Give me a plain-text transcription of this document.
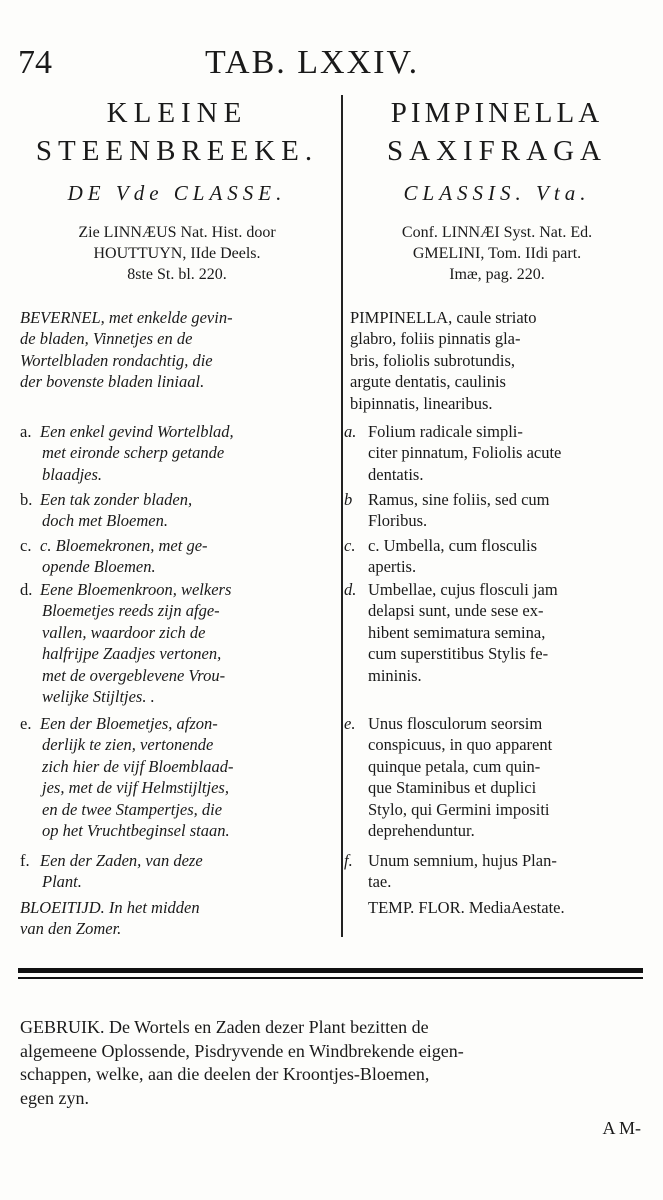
74	TAB. LXXIV.
KLEINE
STEENBREEKE.
DE Vde CLASSE.
Zie LINNÆUS Nat. Hist. door
HOUTTUYN, IIde Deels.
8ste St. bl. 220.
BEVERNEL, met enkelde gevin-
de bladen, Vinnetjes en de
Wortelbladen rondachtig, die
der bovenste bladen liniaal.
a. Een enkel gevind Wortelblad,
met eironde scherp getande
blaadjes.
b. Een tak zonder bladen,
doch met Bloemen.
c. c. Bloemekronen, met ge-
opende Bloemen.
d. Eene Bloemenkroon, welkers
Bloemetjes reeds zijn afge-
vallen, waardoor zich de
halfrijpe Zaadjes vertonen,
met de overgeblevene Vrou-
welijke Stijltjes. .
e. Een der Bloemetjes, afzon-
derlijk te zien, vertonende
zich hier de vijf Bloemblaad-
jes, met de vijf Helmstijltjes,
en de twee Stampertjes, die
op het Vruchtbeginsel staan.
f. Een der Zaden, van deze
Plant.
BLOEITIJD. In het midden
van den Zomer.
PIMPINELLA
SAXIFRAGA
CLASSIS. Vta.
Conf. LINNÆI Syst. Nat. Ed.
GMELINI, Tom. IIdi part.
Imæ, pag. 220.
PIMPINELLA, caule striato
glabro, foliis pinnatis gla-
bris, foliolis subrotundis,
argute dentatis, caulinis
bipinnatis, linearibus.
a. Folium radicale simpli-
citer pinnatum, Foliolis acute
dentatis.
b Ramus, sine foliis, sed cum
Floribus.
c. c. Umbella, cum flosculis
apertis.
d. Umbellae, cujus flosculi jam
delapsi sunt, unde sese ex-
hibent semimatura semina,
cum superstitibus Stylis fe-
mininis.
e. Unus flosculorum seorsim
conspicuus, in quo apparent
quinque petala, cum quin-
que Staminibus et duplici
Stylo, qui Germini impositi
deprehenduntur.
f. Unum semnium, hujus Plan-
tae.
TEMP. FLOR. MediaAestate.
GEBRUIK. De Wortels en Zaden dezer Plant bezitten de
algemeene Oplossende, Pisdryvende en Windbrekende eigen-
schappen, welke, aan die deelen der Kroontjes-Bloemen,
egen zyn.
A M-
